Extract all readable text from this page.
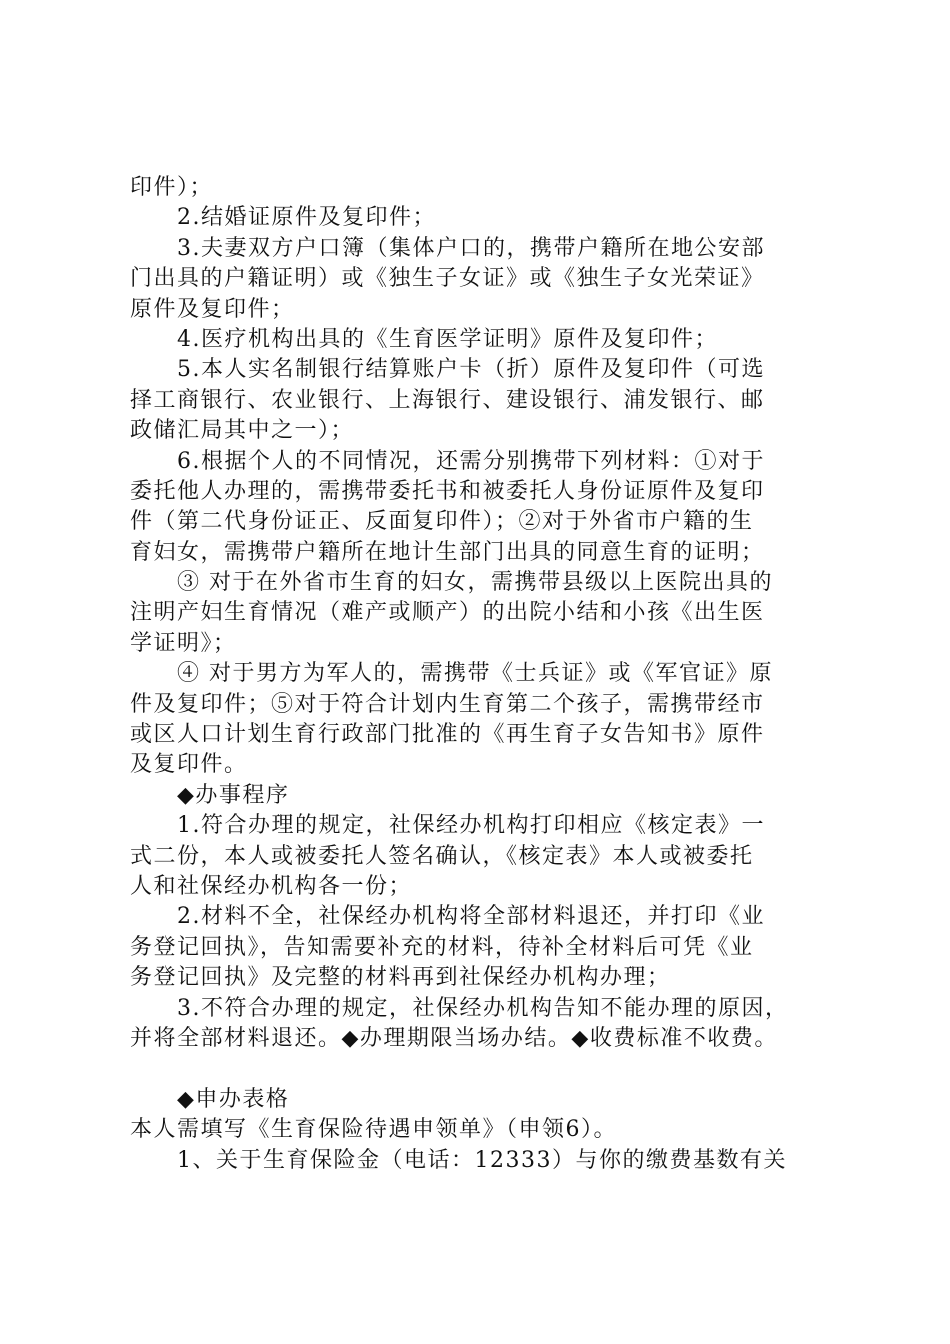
印件）；
2.结婚证原件及复印件；
3.夫妻双方户口簿（集体户口的，携带户籍所在地公安部
门出具的户籍证明）或《独生子女证》或《独生子女光荣证》
原件及复印件；
4.医疗机构出具的《生育医学证明》原件及复印件；
5.本人实名制银行结算账户卡（折）原件及复印件（可选
择工商银行、农业银行、上海银行、建设银行、浦发银行、邮
政储汇局其中之一）；
6.根据个人的不同情况，还需分别携带下列材料：①对于
委托他人办理的，需携带委托书和被委托人身份证原件及复印
件（第二代身份证正、反面复印件）；②对于外省市户籍的生
育妇女，需携带户籍所在地计生部门出具的同意生育的证明；
③ 对于在外省市生育的妇女，需携带县级以上医院出具的
注明产妇生育情况（难产或顺产）的出院小结和小孩《出生医
学证明》；
④ 对于男方为军人的，需携带《士兵证》或《军官证》原
件及复印件；⑤对于符合计划内生育第二个孩子，需携带经市
或区人口计划生育行政部门批准的《再生育子女告知书》原件
及复印件。
◆办事程序
1.符合办理的规定，社保经办机构打印相应《核定表》一
式二份，本人或被委托人签名确认，《核定表》本人或被委托
人和社保经办机构各一份；
2.材料不全，社保经办机构将全部材料退还，并打印《业
务登记回执》，告知需要补充的材料，待补全材料后可凭《业
务登记回执》及完整的材料再到社保经办机构办理；
3.不符合办理的规定，社保经办机构告知不能办理的原因，
并将全部材料退还。◆办理期限当场办结。◆收费标准不收费。
◆申办表格
本人需填写《生育保险待遇申领单》（申领6）。
1、关于生育保险金（电话：12333）与你的缴费基数有关
